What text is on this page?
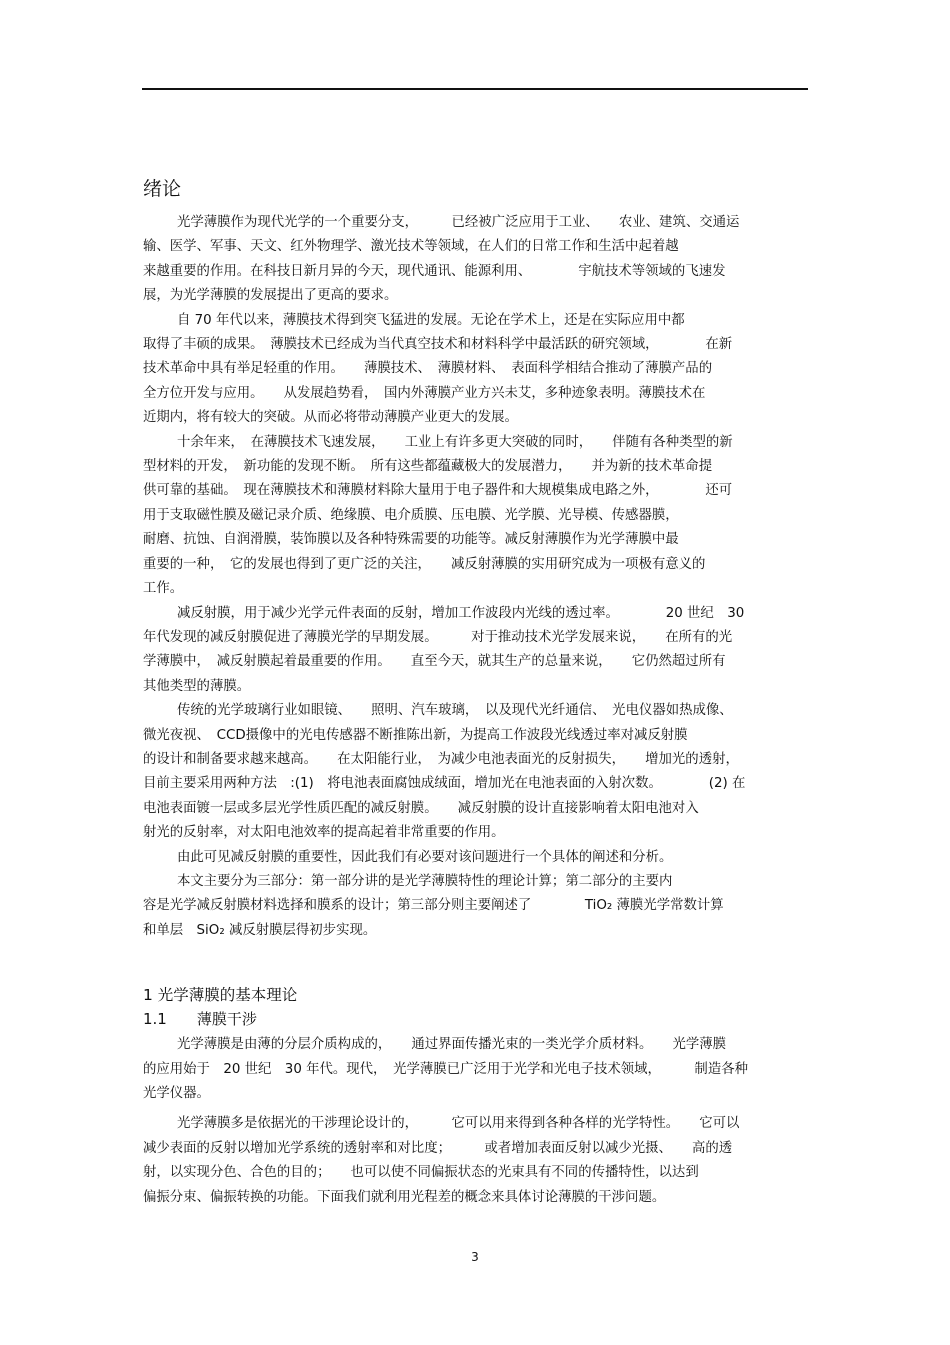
绪论
光学薄膜作为现代光学的一个重要分支，　　　已经被广泛应用于工业、　　农业、建筑、交通运
输、医学、军事、天文、红外物理学、激光技术等领域，在人们的日常工作和生活中起着越
来越重要的作用。在科技日新月异的今天，现代通讯、能源利用、　　　　宇航技术等领域的飞速发
展，为光学薄膜的发展提出了更高的要求。
自 70 年代以来，薄膜技术得到突飞猛进的发展。无论在学术上，还是在实际应用中都
取得了丰硕的成果。　薄膜技术已经成为当代真空技术和材料科学中最活跃的研究领域，　　　　在新
技术革命中具有举足轻重的作用。　　薄膜技术、　薄膜材料、　表面科学相结合推动了薄膜产品的
全方位开发与应用。　　从发展趋势看，　国内外薄膜产业方兴未艾，多种迹象表明。薄膜技术在
近期内，将有较大的突破。从而必将带动薄膜产业更大的发展。
十余年来，　在薄膜技术飞速发展，　　工业上有许多更大突破的同时，　　伴随有各种类型的新
型材料的开发，　新功能的发现不断。　所有这些都蕴藏极大的发展潜力，　　并为新的技术革命提
供可靠的基础。　现在薄膜技术和薄膜材料除大量用于电子器件和大规模集成电路之外，　　　　还可
用于支取磁性膜及磁记录介质、绝缘膜、电介质膜、压电膜、光学膜、光导模、传感器膜，
耐磨、抗蚀、自润滑膜，装饰膜以及各种特殊需要的功能等。减反射薄膜作为光学薄膜中最
重要的一种，　它的发展也得到了更广泛的关注，　　减反射薄膜的实用研究成为一项极有意义的
工作。
减反射膜，用于减少光学元件表面的反射，增加工作波段内光线的透过率。　　　　20 世纪　30
年代发现的减反射膜促进了薄膜光学的早期发展。　　　对于推动技术光学发展来说，　　在所有的光
学薄膜中，　减反射膜起着最重要的作用。　　直至今天，就其生产的总量来说，　　它仍然超过所有
其他类型的薄膜。
传统的光学玻璃行业如眼镜、　　照明、汽车玻璃，　以及现代光纤通信、　光电仪器如热成像、
微光夜视、　CCD摄像中的光电传感器不断推陈出新，为提高工作波段光线透过率对减反射膜
的设计和制备要求越来越高。　　在太阳能行业，　为减少电池表面光的反射损失，　　增加光的透射，
目前主要采用两种方法　:(1)　将电池表面腐蚀成绒面，增加光在电池表面的入射次数。　　　　(2) 在
电池表面镀一层或多层光学性质匹配的减反射膜。　　减反射膜的设计直接影响着太阳电池对入
射光的反射率，对太阳电池效率的提高起着非常重要的作用。
由此可见减反射膜的重要性，因此我们有必要对该问题进行一个具体的阐述和分析。
本文主要分为三部分：第一部分讲的是光学薄膜特性的理论计算；第二部分的主要内
容是光学减反射膜材料选择和膜系的设计；第三部分则主要阐述了　　　　TiO₂ 薄膜光学常数计算
和单层　SiO₂ 减反射膜层得初步实现。
1 光学薄膜的基本理论
1.1　　薄膜干涉
光学薄膜是由薄的分层介质构成的，　　通过界面传播光束的一类光学介质材料。　　光学薄膜
的应用始于　20 世纪　30 年代。现代，　光学薄膜已广泛用于光学和光电子技术领域，　　　制造各种
光学仪器。
光学薄膜多是依据光的干涉理论设计的，　　　它可以用来得到各种各样的光学特性。　　它可以
减少表面的反射以增加光学系统的透射率和对比度；　　　或者增加表面反射以减少光摄、　　高的透
射，以实现分色、合色的目的；　　也可以使不同偏振状态的光束具有不同的传播特性，以达到
偏振分束、偏振转换的功能。下面我们就利用光程差的概念来具体讨论薄膜的干涉问题。
3
